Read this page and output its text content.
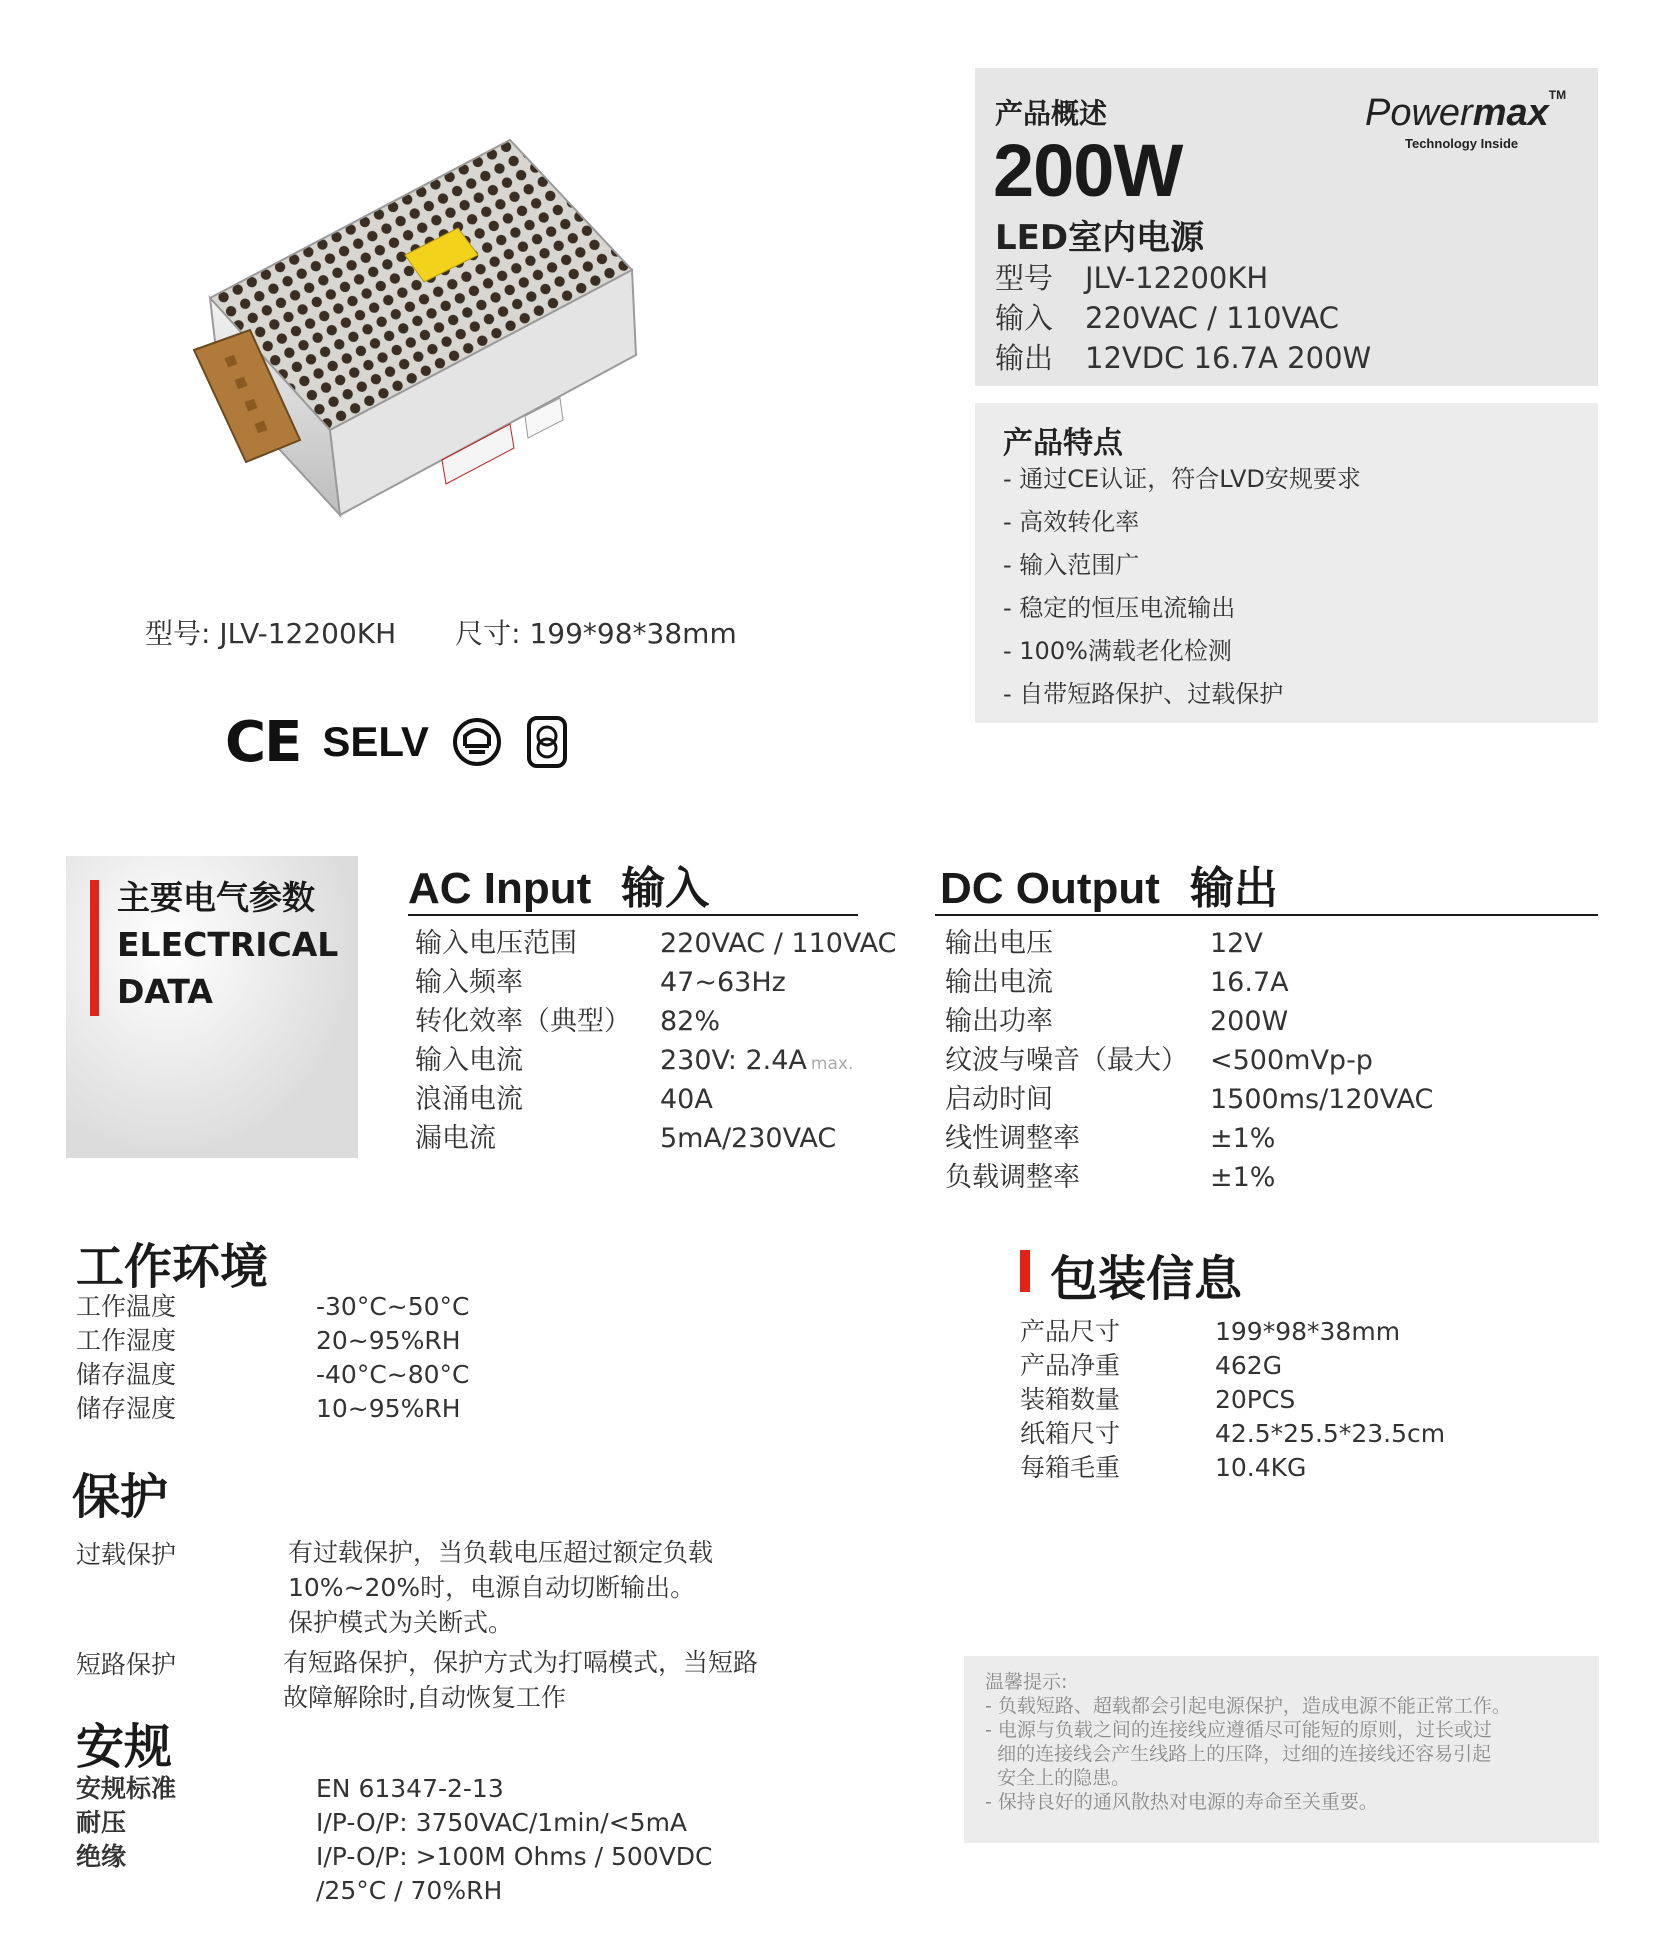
型号: JLV-12200KH 尺寸: 199*98*38mm
CE SELV
产品概述
200W
LED室内电源
型号 JLV-12200KH
输入 220VAC / 110VAC
输出 12VDC 16.7A 200W
Powermax™
Technology Inside
产品特点
- 通过CE认证，符合LVD安规要求
- 高效转化率
- 输入范围广
- 稳定的恒压电流输出
- 100%满载老化检测
- 自带短路保护、过载保护
主要电气参数
ELECTRICAL
DATA
AC Input 输入
输入电压范围	220VAC / 110VAC
输入频率	47~63Hz
转化效率（典型） 82%
输入电流	230V: 2.4A max.
浪涌电流	40A
漏电流	5mA/230VAC
DC Output 输出
输出电压	12V
输出电流	16.7A
输出功率	200W
纹波与噪音（最大） <500mVp-p
启动时间	1500ms/120VAC
线性调整率	±1%
负载调整率	±1%
工作环境
工作温度	-30°C~50°C
工作湿度	20~95%RH
储存温度	-40°C~80°C
储存湿度	10~95%RH
保护
过载保护	有过载保护，当负载电压超过额定负载
10%~20%时，电源自动切断输出。
保护模式为关断式。
短路保护	有短路保护，保护方式为打嗝模式，当短路
故障解除时,自动恢复工作
安规
安规标准	EN 61347-2-13
耐压	I/P-O/P: 3750VAC/1min/<5mA
绝缘	I/P-O/P: >100M Ohms / 500VDC
/25°C / 70%RH
包装信息
产品尺寸	199*98*38mm
产品净重	462G
装箱数量	20PCS
纸箱尺寸	42.5*25.5*23.5cm
每箱毛重	10.4KG
温馨提示:
- 负载短路、超载都会引起电源保护，造成电源不能正常工作。
- 电源与负载之间的连接线应遵循尽可能短的原则，过长或过
细的连接线会产生线路上的压降，过细的连接线还容易引起
安全上的隐患。
- 保持良好的通风散热对电源的寿命至关重要。
